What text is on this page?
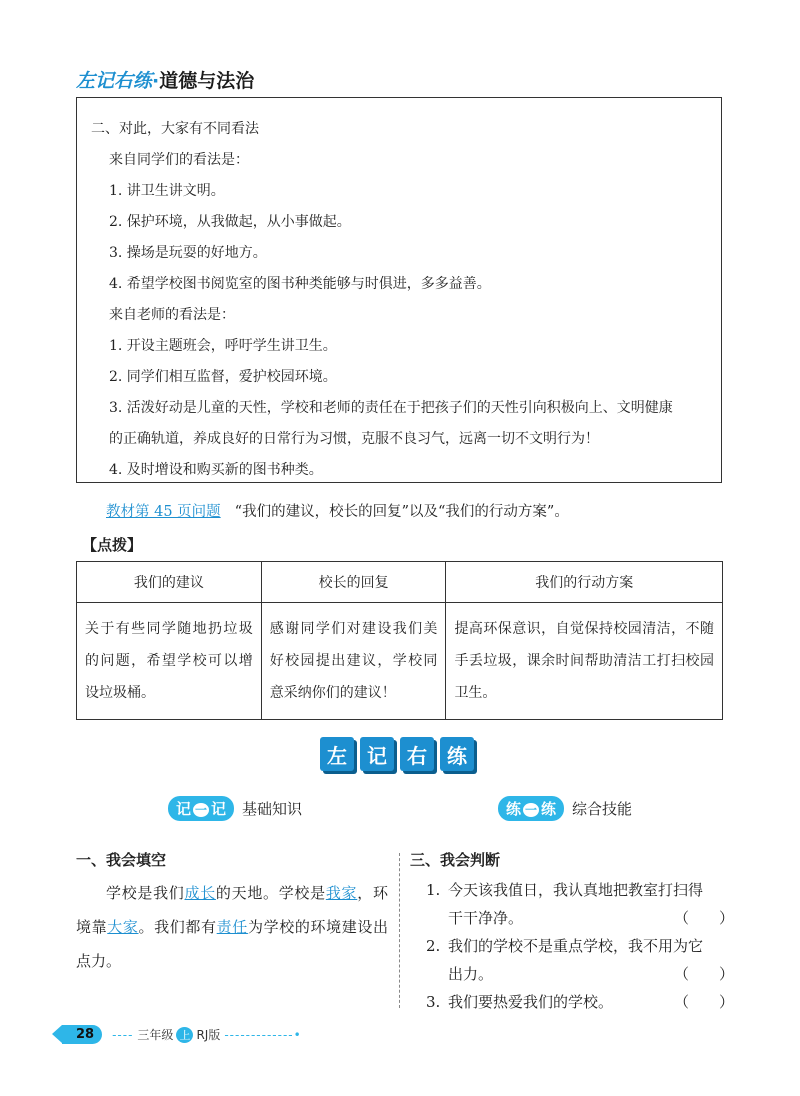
左记右练·道德与法治
二、对此，大家有不同看法
来自同学们的看法是：
1. 讲卫生讲文明。
2. 保护环境，从我做起，从小事做起。
3. 操场是玩耍的好地方。
4. 希望学校图书阅览室的图书种类能够与时俱进，多多益善。
来自老师的看法是：
1. 开设主题班会，呼吁学生讲卫生。
2. 同学们相互监督，爱护校园环境。
3. 活泼好动是儿童的天性，学校和老师的责任在于把孩子们的天性引向积极向上、文明健康
的正确轨道，养成良好的日常行为习惯，克服不良习气，远离一切不文明行为！
4. 及时增设和购买新的图书种类。
教材第 45 页问题 “我们的建议，校长的回复”以及“我们的行动方案”。
【点拨】
我们的建议	校长的回复	我们的行动方案
关于有些同学随地扔垃圾的问题，希望学校可以增设垃圾桶。	感谢同学们对建设我们美好校园提出建议，学校同意采纳你们的建议！	提高环保意识，自觉保持校园清洁，不随手丢垃圾，课余时间帮助清洁工打扫校园卫生。
左	记	右	练
记 一 记	基础知识	练 一 练	综合技能
一、我会填空
学校是我们成长的天地。学校是我家，环境靠大家。我们都有责任为学校的环境建设出点力。
三、我会判断
1. 今天该我值日，我认真地把教室打扫得
干干净净。	（　　）
2. 我们的学校不是重点学校，我不用为它
出力。	（　　）
3. 我们要热爱我们的学校。	（　　）
28	---- 三年级 上 RJ版 -------------•
